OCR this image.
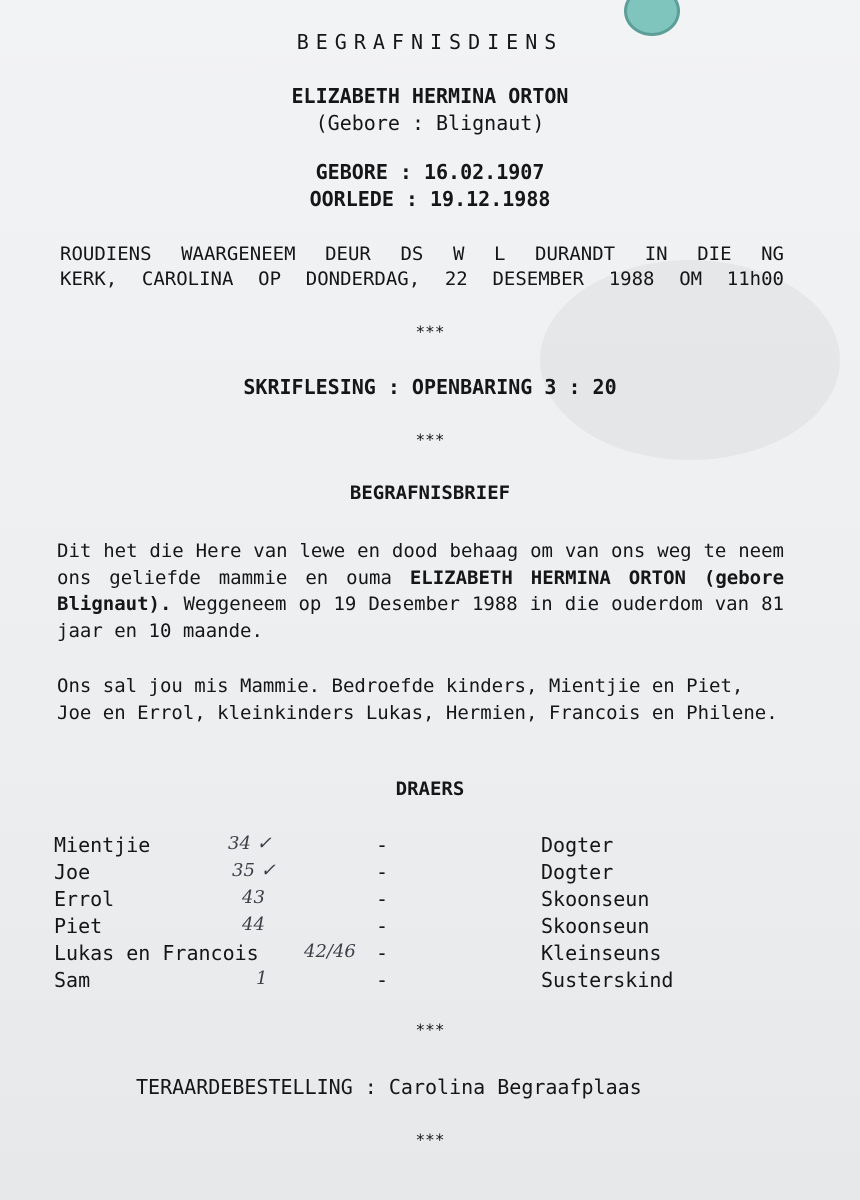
BEGRAFNISDIENS
ELIZABETH HERMINA ORTON
(Gebore : Blignaut)
GEBORE : 16.02.1907
OORLEDE : 19.12.1988
ROUDIENS WAARGENEEM DEUR DS W L DURANDT IN DIE NG
KERK, CAROLINA OP DONDERDAG, 22 DESEMBER 1988 OM 11h00
***
SKRIFLESING : OPENBARING 3 : 20
***
BEGRAFNISBRIEF
Dit het die Here van lewe en dood behaag om van ons weg te neem ons geliefde mammie en ouma ELIZABETH HERMINA ORTON (gebore Blignaut). Weggeneem op 19 Desember 1988 in die ouderdom van 81 jaar en 10 maande.
Ons sal jou mis Mammie. Bedroefde kinders, Mientjie en Piet, Joe en Errol, kleinkinders Lukas, Hermien, Francois en Philene.
DRAERS
Mientjie	34 ✓	-	Dogter
Joe	35 ✓	-	Dogter
Errol	43	-	Skoonseun
Piet	44	-	Skoonseun
Lukas en Francois	42/46 -	Kleinseuns
Sam	1	-	Susterskind
***
TERAARDEBESTELLING : Carolina Begraafplaas
***
